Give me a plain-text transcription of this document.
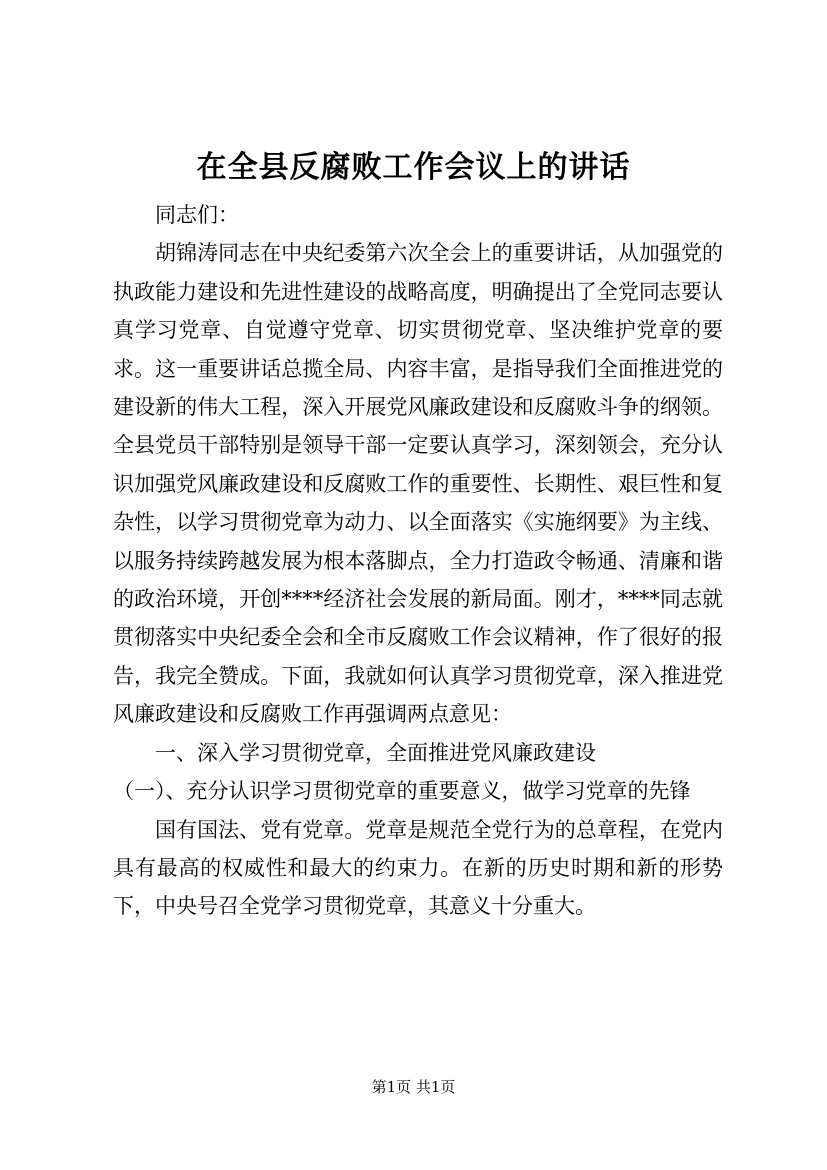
在全县反腐败工作会议上的讲话

同志们：

胡锦涛同志在中央纪委第六次全会上的重要讲话，从加强党的执政能力建设和先进性建设的战略高度，明确提出了全党同志要认真学习党章、自觉遵守党章、切实贯彻党章、坚决维护党章的要求。这一重要讲话总揽全局、内容丰富，是指导我们全面推进党的建设新的伟大工程，深入开展党风廉政建设和反腐败斗争的纲领。全县党员干部特别是领导干部一定要认真学习，深刻领会，充分认识加强党风廉政建设和反腐败工作的重要性、长期性、艰巨性和复杂性，以学习贯彻党章为动力、以全面落实《实施纲要》为主线、以服务持续跨越发展为根本落脚点，全力打造政令畅通、清廉和谐的政治环境，开创****经济社会发展的新局面。刚才，****同志就贯彻落实中央纪委全会和全市反腐败工作会议精神，作了很好的报告，我完全赞成。下面，我就如何认真学习贯彻党章，深入推进党风廉政建设和反腐败工作再强调两点意见：

一、深入学习贯彻党章，全面推进党风廉政建设

（一）、充分认识学习贯彻党章的重要意义，做学习党章的先锋

国有国法、党有党章。党章是规范全党行为的总章程，在党内具有最高的权威性和最大的约束力。在新的历史时期和新的形势下，中央号召全党学习贯彻党章，其意义十分重大。

第1页 共1页
